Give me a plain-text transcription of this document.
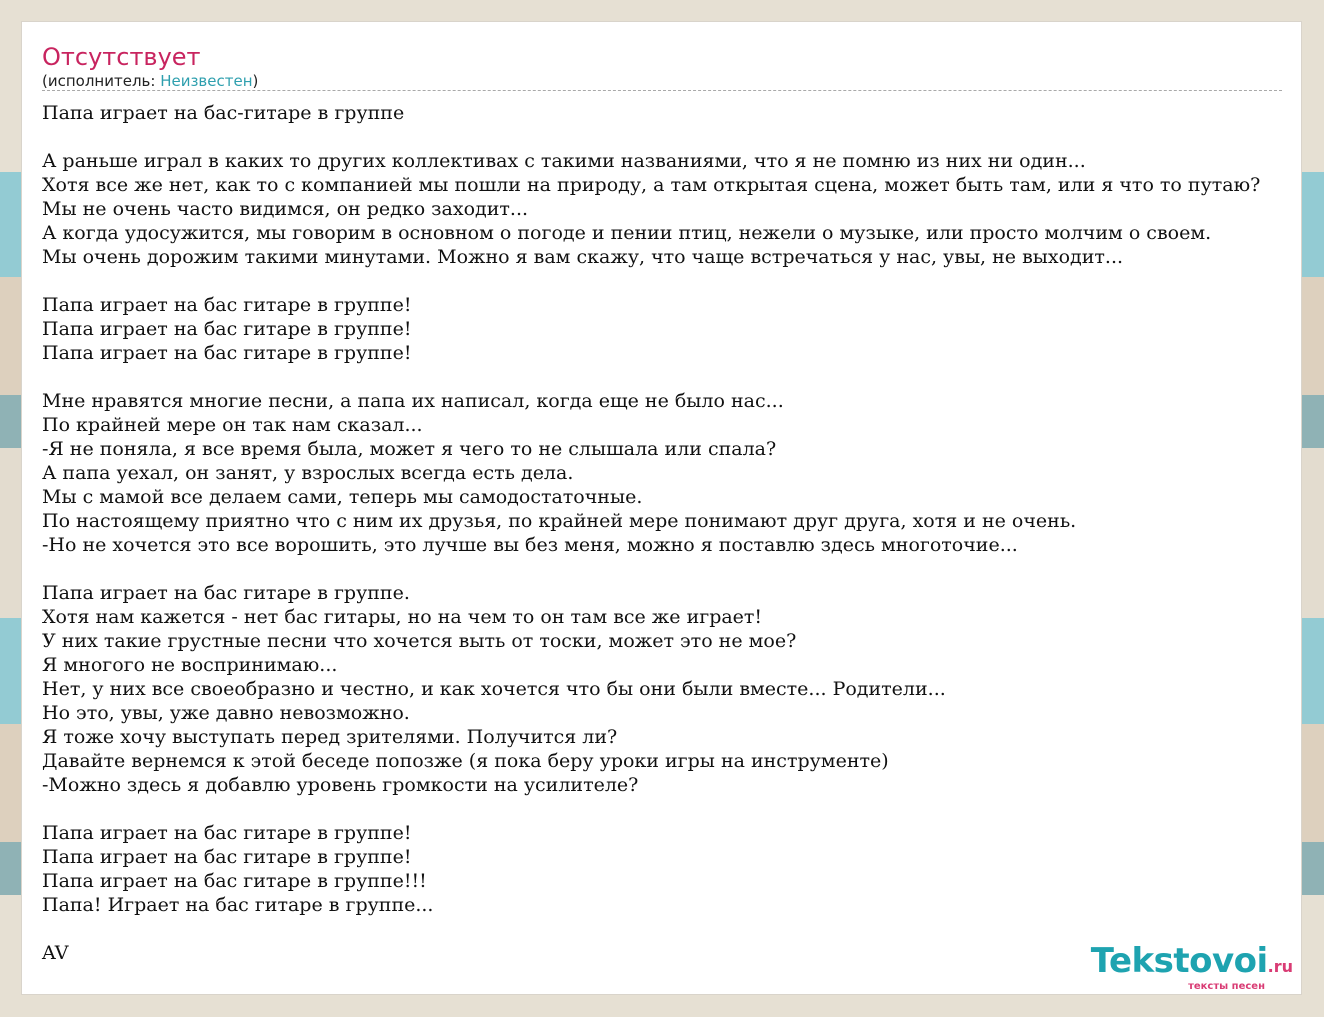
Отсутствует
(исполнитель: Неизвестен)
Папа играет на бас-гитаре в группе
А раньше играл в каких то других коллективах с такими названиями, что я не помню из них ни один...
Хотя все же нет, как то с компанией мы пошли на природу, а там открытая сцена, может быть там, или я что то путаю?
Мы не очень часто видимся, он редко заходит...
А когда удосужится, мы говорим в основном о погоде и пении птиц, нежели о музыке, или просто молчим о своем.
Мы очень дорожим такими минутами. Можно я вам скажу, что чаще встречаться у нас, увы, не выходит...
Папа играет на бас гитаре в группе!
Папа играет на бас гитаре в группе!
Папа играет на бас гитаре в группе!
Мне нравятся многие песни, а папа их написал, когда еще не было нас...
По крайней мере он так нам сказал...
-Я не поняла, я все время была, может я чего то не слышала или спала?
А папа уехал, он занят, у взрослых всегда есть дела.
Мы с мамой все делаем сами, теперь мы самодостаточные.
По настоящему приятно что с ним их друзья, по крайней мере понимают друг друга, хотя и не очень.
-Но не хочется это все ворошить, это лучше вы без меня, можно я поставлю здесь многоточие...
Папа играет на бас гитаре в группе.
Хотя нам кажется - нет бас гитары, но на чем то он там все же играет!
У них такие грустные песни что хочется выть от тоски, может это не мое?
Я многого не воспринимаю...
Нет, у них все своеобразно и честно, и как хочется что бы они были вместе... Родители...
Но это, увы, уже давно невозможно.
Я тоже хочу выступать перед зрителями. Получится ли?
Давайте вернемся к этой беседе попозже (я пока беру уроки игры на инструменте)
-Можно здесь я добавлю уровень громкости на усилителе?
Папа играет на бас гитаре в группе!
Папа играет на бас гитаре в группе!
Папа играет на бас гитаре в группе!!!
Папа! Играет на бас гитаре в группе...
AV	Tekstovoi.ru
тексты песен
